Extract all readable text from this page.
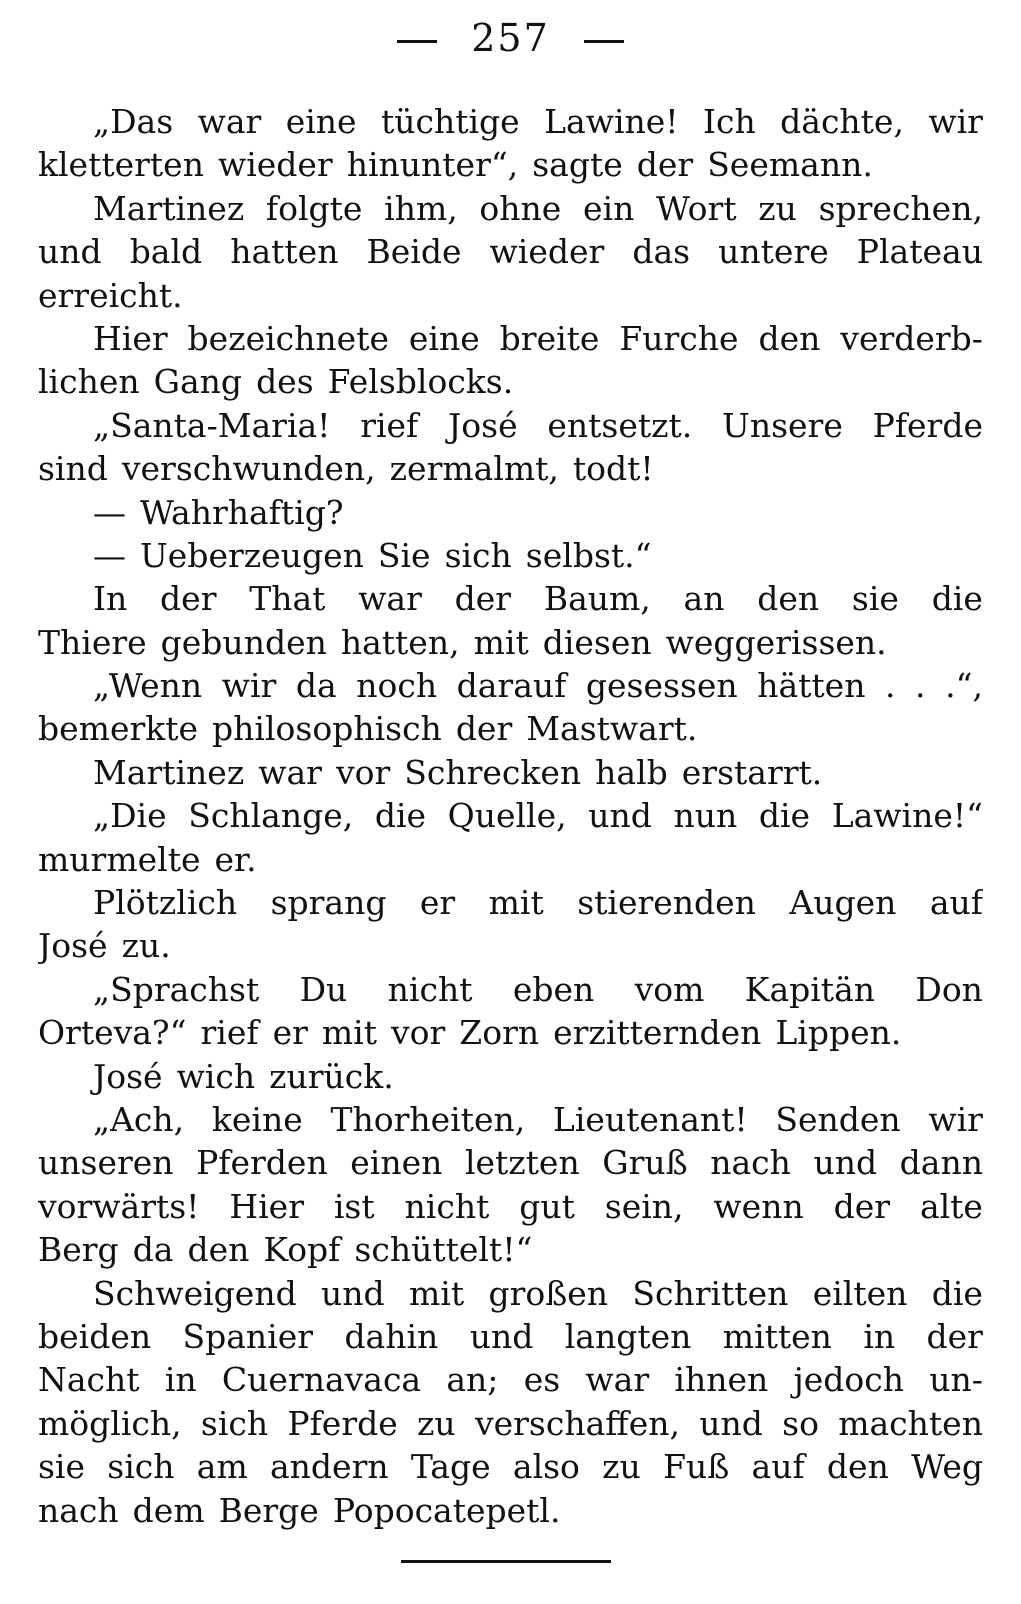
257
„Das war eine tüchtige Lawine! Ich dächte, wir
kletterten wieder hinunter“, sagte der Seemann.
Martinez folgte ihm, ohne ein Wort zu sprechen,
und bald hatten Beide wieder das untere Plateau
erreicht.
Hier bezeichnete eine breite Furche den verderb-
lichen Gang des Felsblocks.
„Santa-Maria! rief José entsetzt. Unsere Pferde
sind verschwunden, zermalmt, todt!
— Wahrhaftig?
— Ueberzeugen Sie sich selbst.“
In der That war der Baum, an den sie die
Thiere gebunden hatten, mit diesen weggerissen.
„Wenn wir da noch darauf gesessen hätten . . .“,
bemerkte philosophisch der Mastwart.
Martinez war vor Schrecken halb erstarrt.
„Die Schlange, die Quelle, und nun die Lawine!“
murmelte er.
Plötzlich sprang er mit stierenden Augen auf
José zu.
„Sprachst Du nicht eben vom Kapitän Don
Orteva?“ rief er mit vor Zorn erzitternden Lippen.
José wich zurück.
„Ach, keine Thorheiten, Lieutenant! Senden wir
unseren Pferden einen letzten Gruß nach und dann
vorwärts! Hier ist nicht gut sein, wenn der alte
Berg da den Kopf schüttelt!“
Schweigend und mit großen Schritten eilten die
beiden Spanier dahin und langten mitten in der
Nacht in Cuernavaca an; es war ihnen jedoch un-
möglich, sich Pferde zu verschaffen, und so machten
sie sich am andern Tage also zu Fuß auf den Weg
nach dem Berge Popocatepetl.
